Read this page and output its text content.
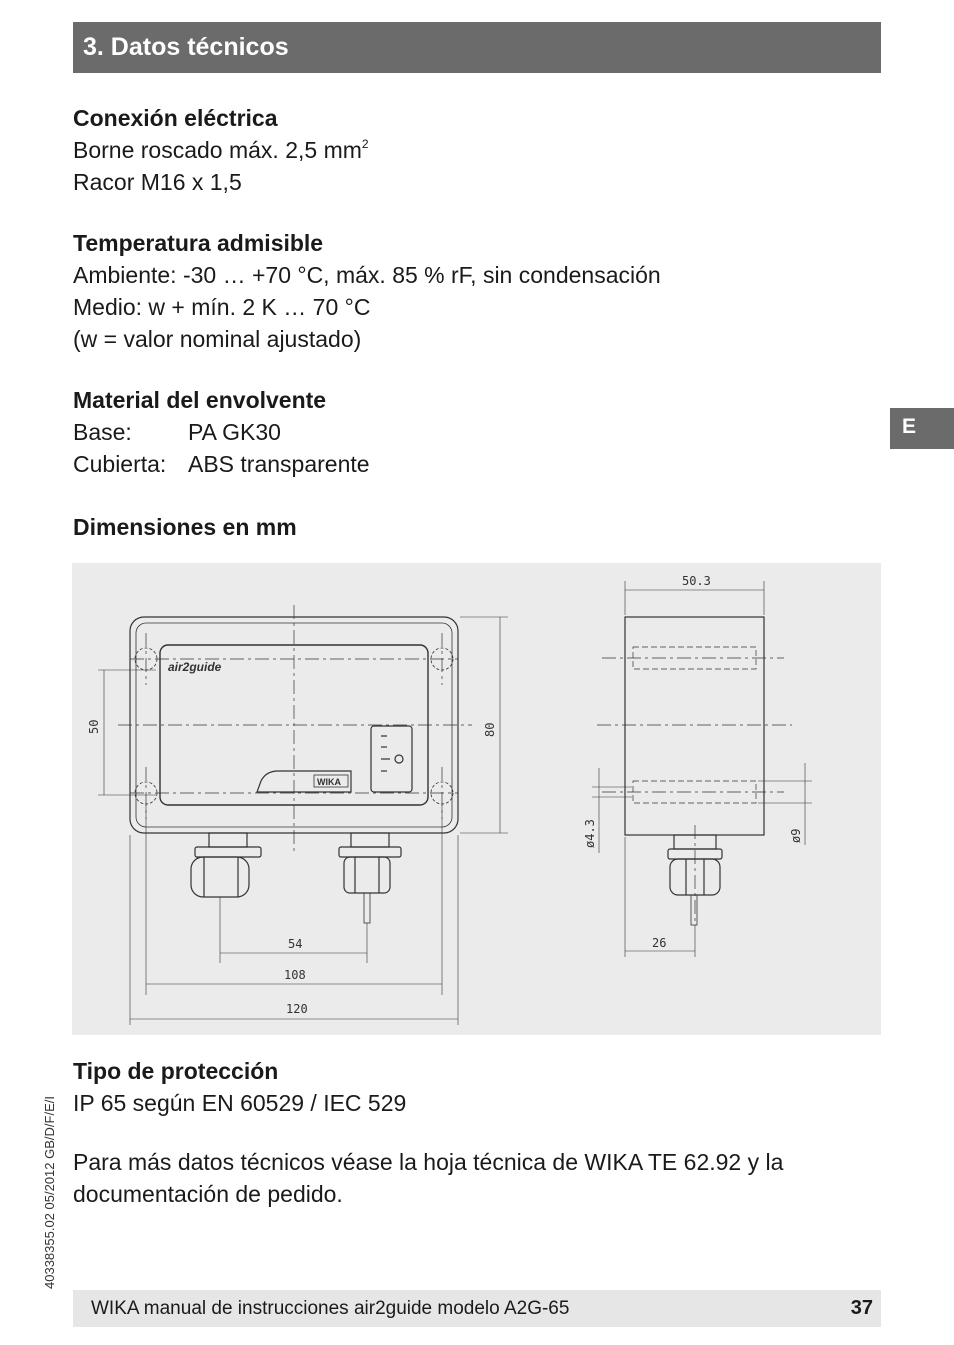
3. Datos técnicos
E
Conexión eléctrica

Borne roscado máx. 2,5 $mm^2$

Racor M16 x 1,5

Temperatura admisible

Ambiente: -30 … +70 °C, máx. 85 % rF, sin condensación

Medio: w + mín. 2 K … 70 °C

(w = valor nominal ajustado)

Material del envolvente
Base:	PA GK30
Cubierta: ABS transparente
Dimensiones en mm
50	80
54
108
120
50.3
26
ø4.3	ø9
air2guide
WIKA
Tipo de protección

IP 65 según EN 60529 / IEC 529

Para más datos técnicos véase la hoja técnica de WIKA TE 62.92 y la documentación de pedido.

40338355.02 05/2012 GB/D/F/E/I
WIKA manual de instrucciones air2guide modelo A2G-65	37
